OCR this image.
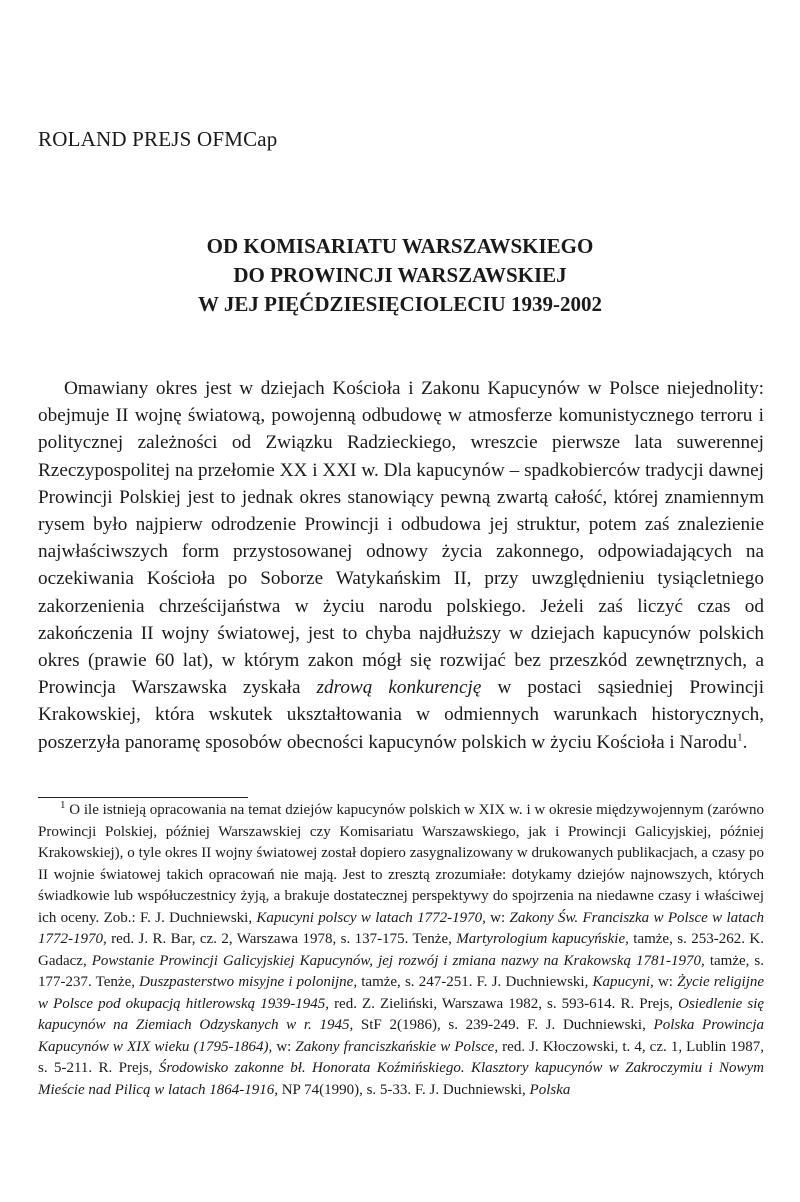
ROLAND PREJS OFMCap
OD KOMISARIATU WARSZAWSKIEGO
DO PROWINCJI WARSZAWSKIEJ
W JEJ PIĘĆDZIESIĘCIOLECIU 1939-2002

Omawiany okres jest w dziejach Kościoła i Zakonu Kapucynów w Polsce niejednolity: obejmuje II wojnę światową, powojenną odbudowę w atmosferze komunistycznego terroru i politycznej zależności od Związku Radzieckiego, wreszcie pierwsze lata suwerennej Rzeczypospolitej na przełomie XX i XXI w. Dla kapucynów – spadkobierców tradycji dawnej Prowincji Polskiej jest to jednak okres stanowiący pewną zwartą całość, której znamiennym rysem było najpierw odrodzenie Prowincji i odbudowa jej struktur, potem zaś znalezienie najwłaściwszych form przystosowanej odnowy życia zakonnego, odpowiadających na oczekiwania Kościoła po Soborze Watykańskim II, przy uwzględnieniu tysiącletniego zakorzenienia chrześcijaństwa w życiu narodu polskiego. Jeżeli zaś liczyć czas od zakończenia II wojny światowej, jest to chyba najdłuższy w dziejach kapucynów polskich okres (prawie 60 lat), w którym zakon mógł się rozwijać bez przeszkód zewnętrznych, a Prowincja Warszawska zyskała zdrową konkurencję w postaci sąsiedniej Prowincji Krakowskiej, która wskutek ukształtowania w odmiennych warunkach historycznych, poszerzyła panoramę sposobów obecności kapucynów polskich w życiu Kościoła i Narodu$^1$.

$^1$ O ile istnieją opracowania na temat dziejów kapucynów polskich w XIX w. i w okresie międzywojennym (zarówno Prowincji Polskiej, później Warszawskiej czy Komisariatu Warszawskiego, jak i Prowincji Galicyjskiej, później Krakowskiej), o tyle okres II wojny światowej został dopiero zasygnalizowany w drukowanych publikacjach, a czasy po II wojnie światowej takich opracowań nie mają. Jest to zresztą zrozumiałe: dotykamy dziejów najnowszych, których świadkowie lub współuczestnicy żyją, a brakuje dostatecznej perspektywy do spojrzenia na niedawne czasy i właściwej ich oceny. Zob.: F. J. Duchniewski, Kapucyni polscy w latach 1772-1970, w: Zakony Św. Franciszka w Polsce w latach 1772-1970, red. J. R. Bar, cz. 2, Warszawa 1978, s. 137-175. Tenże, Martyrologium kapucyńskie, tamże, s. 253-262. K. Gadacz, Powstanie Prowincji Galicyjskiej Kapucynów, jej rozwój i zmiana nazwy na Krakowską 1781-1970, tamże, s. 177-237. Tenże, Duszpasterstwo misyjne i polonijne, tamże, s. 247-251. F. J. Duchniewski, Kapucyni, w: Życie religijne w Polsce pod okupacją hitlerowską 1939-1945, red. Z. Zieliński, Warszawa 1982, s. 593-614. R. Prejs, Osiedlenie się kapucynów na Ziemiach Odzyskanych w r. 1945, StF 2(1986), s. 239-249. F. J. Duchniewski, Polska Prowincja Kapucynów w XIX wieku (1795-1864), w: Zakony franciszkańskie w Polsce, red. J. Kłoczowski, t. 4, cz. 1, Lublin 1987, s. 5-211. R. Prejs, Środowisko zakonne bł. Honorata Koźmińskiego. Klasztory kapucynów w Zakroczymiu i Nowym Mieście nad Pilicą w latach 1864-1916, NP 74(1990), s. 5-33. F. J. Duchniewski, Polska
